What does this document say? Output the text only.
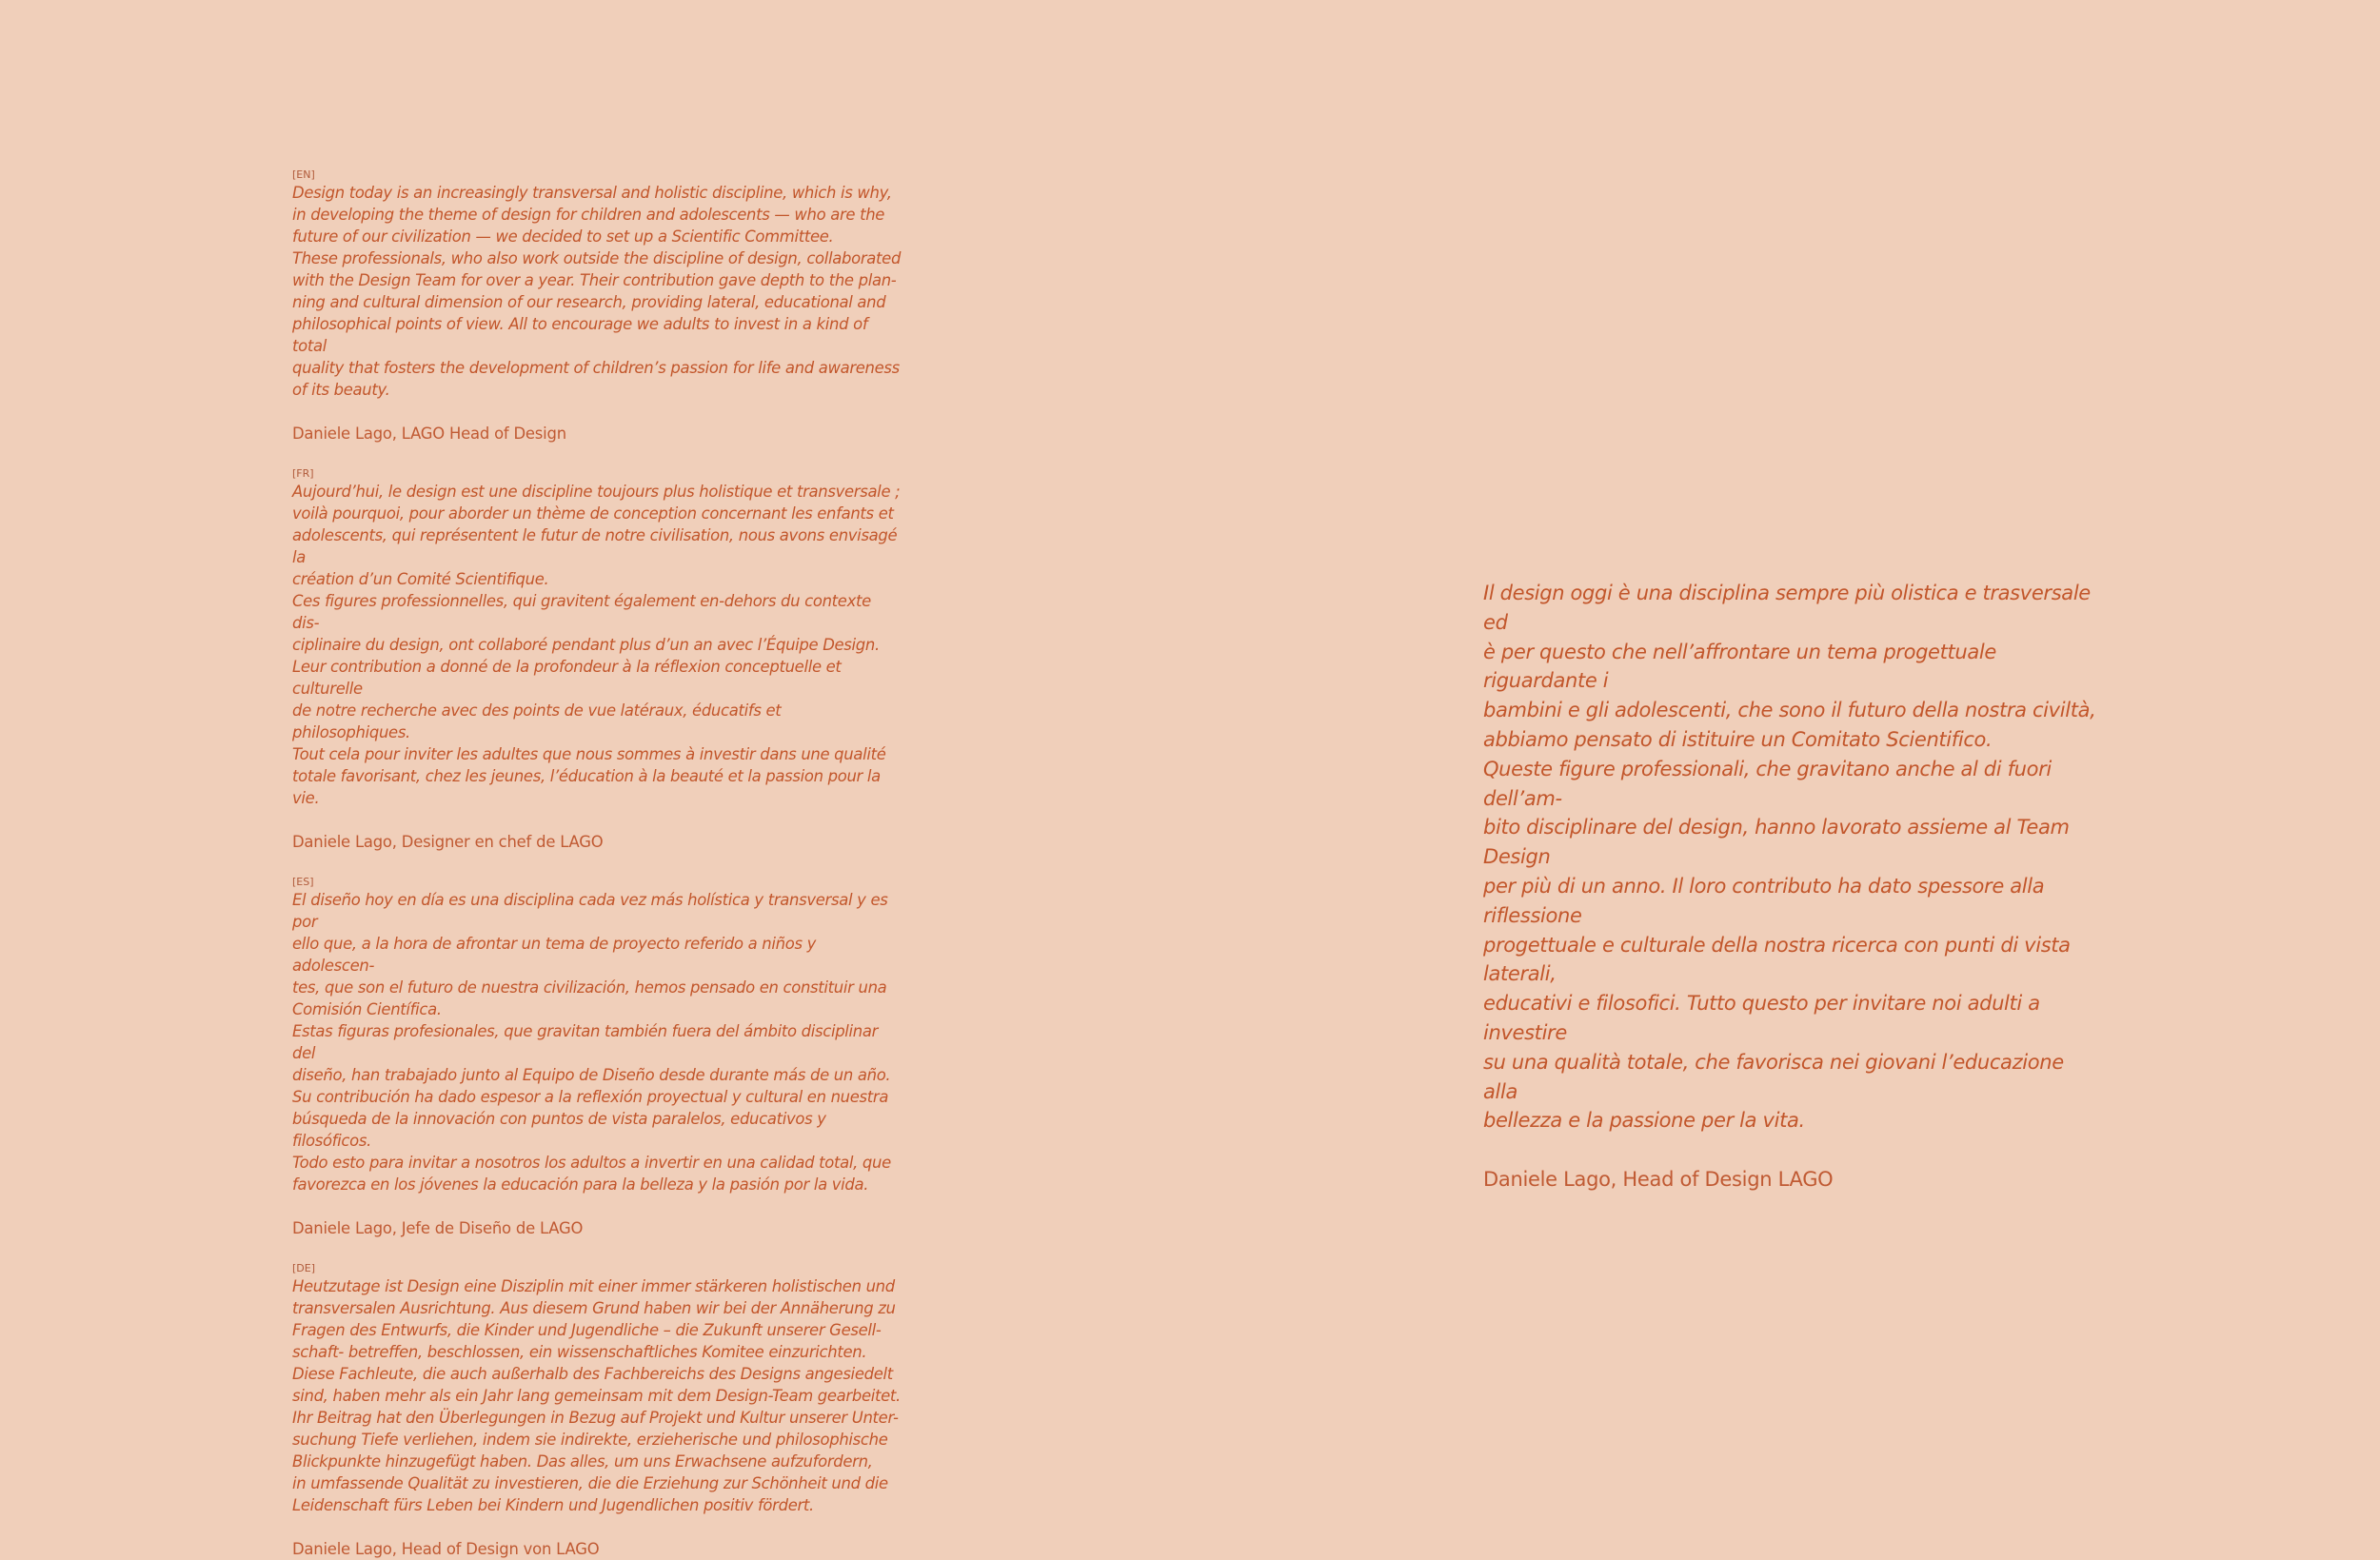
[EN]
Design today is an increasingly transversal and holistic discipline, which is why,
in developing the theme of design for children and adolescents — who are the
future of our civilization — we decided to set up a Scientific Committee.
These professionals, who also work outside the discipline of design, collaborated
with the Design Team for over a year. Their contribution gave depth to the plan-
ning and cultural dimension of our research, providing lateral, educational and
philosophical points of view. All to encourage we adults to invest in a kind of total
quality that fosters the development of children’s passion for life and awareness
of its beauty.
Daniele Lago, LAGO Head of Design
[FR]
Aujourd’hui, le design est une discipline toujours plus holistique et transversale ;
voilà pourquoi, pour aborder un thème de conception concernant les enfants et
adolescents, qui représentent le futur de notre civilisation, nous avons envisagé la
création d’un Comité Scientifique.
Ces figures professionnelles, qui gravitent également en-dehors du contexte dis-
ciplinaire du design, ont collaboré pendant plus d’un an avec l’Équipe Design.
Leur contribution a donné de la profondeur à la réflexion conceptuelle et culturelle
de notre recherche avec des points de vue latéraux, éducatifs et philosophiques.
Tout cela pour inviter les adultes que nous sommes à investir dans une qualité
totale favorisant, chez les jeunes, l’éducation à la beauté et la passion pour la vie.
Daniele Lago, Designer en chef de LAGO
[ES]
El diseño hoy en día es una disciplina cada vez más holística y transversal y es por
ello que, a la hora de afrontar un tema de proyecto referido a niños y adolescen-
tes, que son el futuro de nuestra civilización, hemos pensado en constituir una
Comisión Científica.
Estas figuras profesionales, que gravitan también fuera del ámbito disciplinar del
diseño, han trabajado junto al Equipo de Diseño desde durante más de un año.
Su contribución ha dado espesor a la reflexión proyectual y cultural en nuestra
búsqueda de la innovación con puntos de vista paralelos, educativos y filosóficos.
Todo esto para invitar a nosotros los adultos a invertir en una calidad total, que
favorezca en los jóvenes la educación para la belleza y la pasión por la vida.
Daniele Lago, Jefe de Diseño de LAGO
[DE]
Heutzutage ist Design eine Disziplin mit einer immer stärkeren holistischen und
transversalen Ausrichtung. Aus diesem Grund haben wir bei der Annäherung zu
Fragen des Entwurfs, die Kinder und Jugendliche – die Zukunft unserer Gesell-
schaft- betreffen, beschlossen, ein wissenschaftliches Komitee einzurichten.
Diese Fachleute, die auch außerhalb des Fachbereichs des Designs angesiedelt
sind, haben mehr als ein Jahr lang gemeinsam mit dem Design-Team gearbeitet.
Ihr Beitrag hat den Überlegungen in Bezug auf Projekt und Kultur unserer Unter-
suchung Tiefe verliehen, indem sie indirekte, erzieherische und philosophische
Blickpunkte hinzugefügt haben. Das alles, um uns Erwachsene aufzufordern,
in umfassende Qualität zu investieren, die die Erziehung zur Schönheit und die
Leidenschaft fürs Leben bei Kindern und Jugendlichen positiv fördert.
Daniele Lago, Head of Design von LAGO
Il design oggi è una disciplina sempre più olistica e trasversale ed
è per questo che nell’affrontare un tema progettuale riguardante i
bambini e gli adolescenti, che sono il futuro della nostra civiltà,
abbiamo pensato di istituire un Comitato Scientifico.
Queste figure professionali, che gravitano anche al di fuori dell’am-
bito disciplinare del design, hanno lavorato assieme al Team Design
per più di un anno. Il loro contributo ha dato spessore alla riflessione
progettuale e culturale della nostra ricerca con punti di vista laterali,
educativi e filosofici. Tutto questo per invitare noi adulti a investire
su una qualità totale, che favorisca nei giovani l’educazione alla
bellezza e la passione per la vita.
Daniele Lago, Head of Design LAGO
